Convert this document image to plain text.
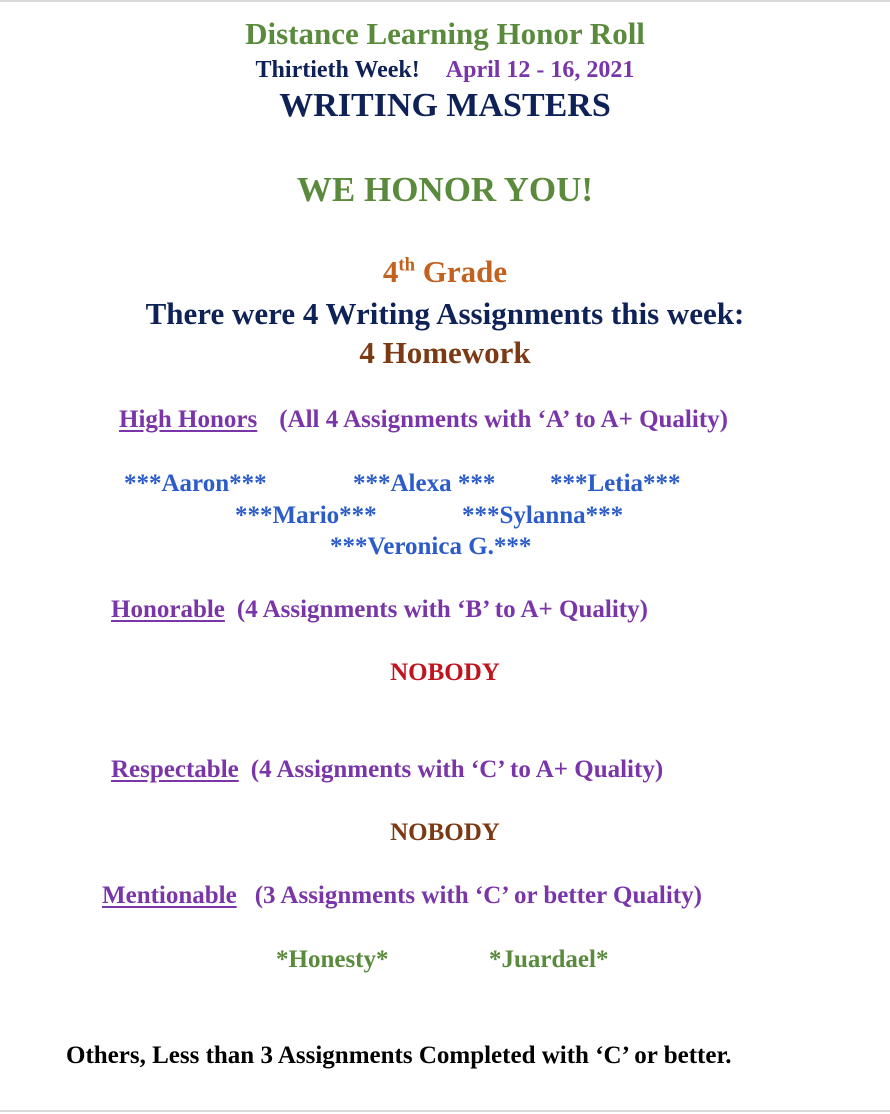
Distance Learning Honor Roll
Thirtieth Week! April 12 - 16, 2021
WRITING MASTERS
WE HONOR YOU!
4th Grade
There were 4 Writing Assignments this week:
4 Homework
High Honors (All 4 Assignments with ‘A’ to A+ Quality)
***Aaron***	***Alexa *** ***Letia***
***Mario***	***Sylanna***
***Veronica G.***
Honorable (4 Assignments with ‘B’ to A+ Quality)
NOBODY
Respectable (4 Assignments with ‘C’ to A+ Quality)
NOBODY
Mentionable (3 Assignments with ‘C’ or better Quality)
*Honesty*	*Juardael*
Others, Less than 3 Assignments Completed with ‘C’ or better.
